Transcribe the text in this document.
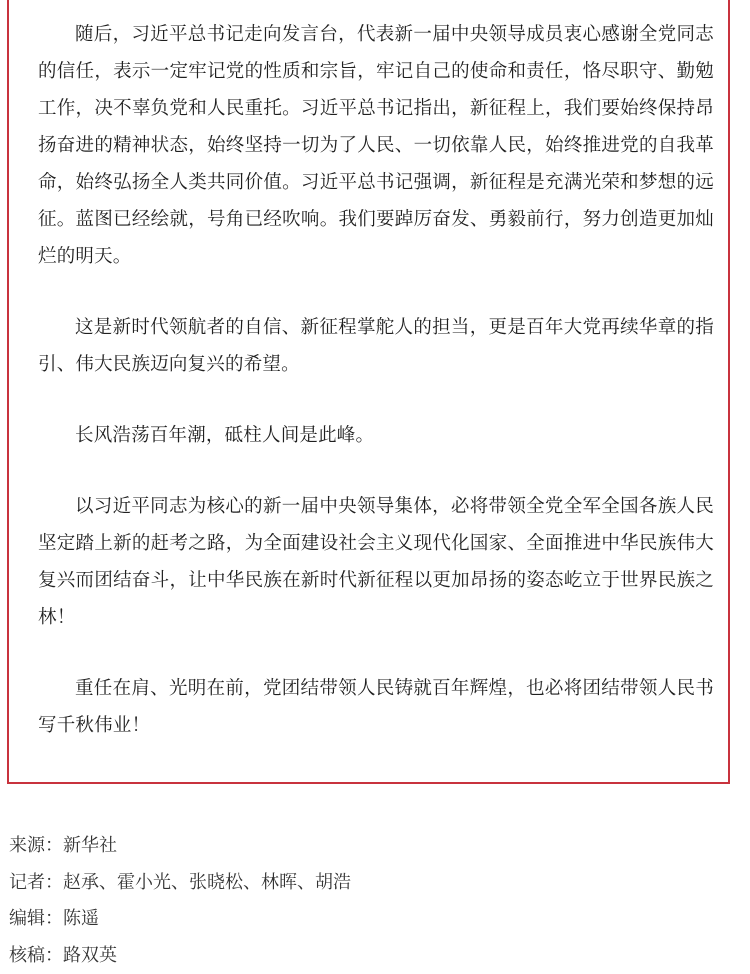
随后，习近平总书记走向发言台，代表新一届中央领导成员衷心感谢全党同志的信任，表示一定牢记党的性质和宗旨，牢记自己的使命和责任，恪尽职守、勤勉工作，决不辜负党和人民重托。习近平总书记指出，新征程上，我们要始终保持昂扬奋进的精神状态，始终坚持一切为了人民、一切依靠人民，始终推进党的自我革命，始终弘扬全人类共同价值。习近平总书记强调，新征程是充满光荣和梦想的远征。蓝图已经绘就，号角已经吹响。我们要踔厉奋发、勇毅前行，努力创造更加灿烂的明天。

这是新时代领航者的自信、新征程掌舵人的担当，更是百年大党再续华章的指引、伟大民族迈向复兴的希望。

长风浩荡百年潮，砥柱人间是此峰。

以习近平同志为核心的新一届中央领导集体，必将带领全党全军全国各族人民坚定踏上新的赶考之路，为全面建设社会主义现代化国家、全面推进中华民族伟大复兴而团结奋斗，让中华民族在新时代新征程以更加昂扬的姿态屹立于世界民族之林！

重任在肩、光明在前，党团结带领人民铸就百年辉煌，也必将团结带领人民书写千秋伟业！

来源：新华社
记者：赵承、霍小光、张晓松、林晖、胡浩
编辑：陈遥
核稿：路双英
